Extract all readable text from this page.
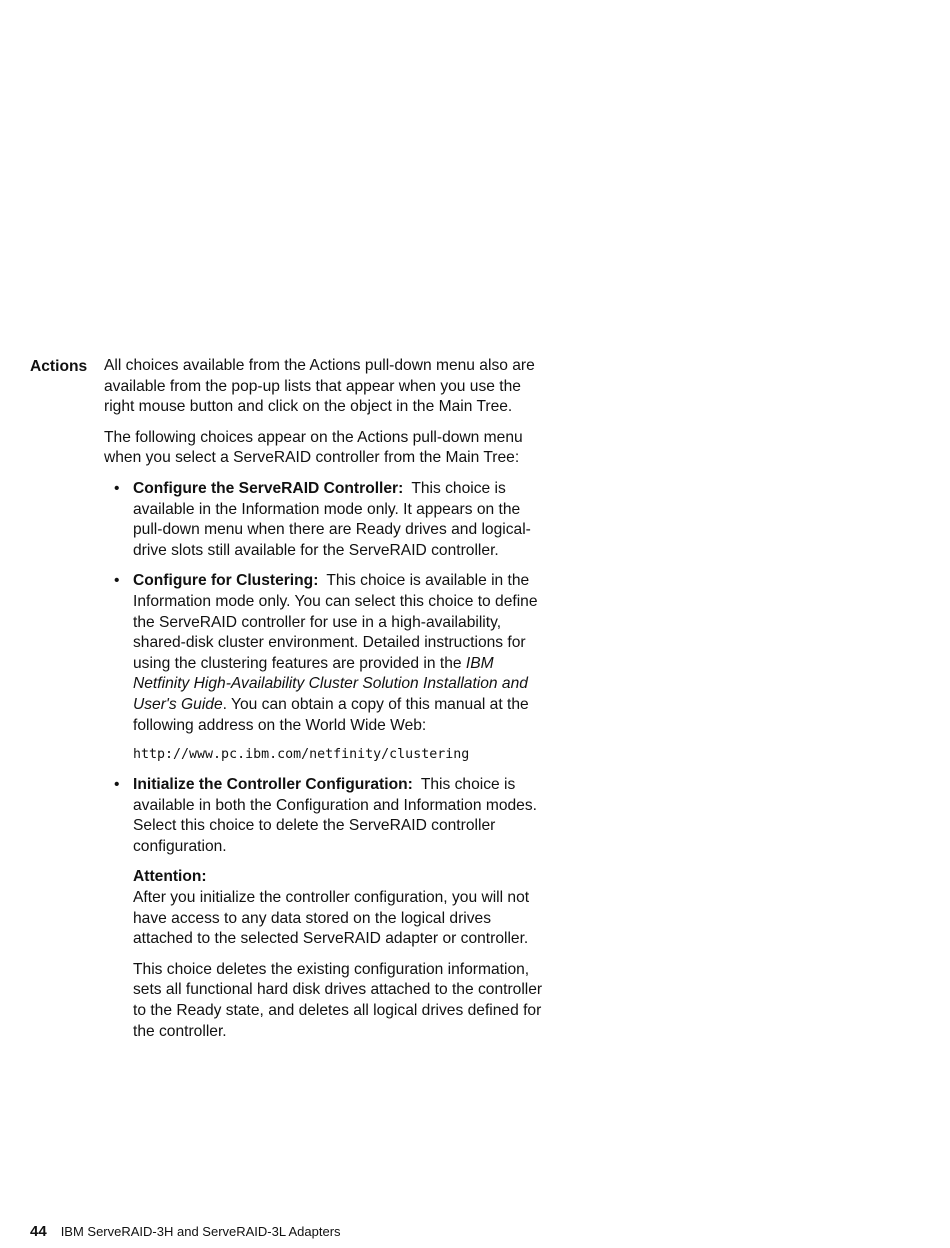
Actions All choices available from the Actions pull-down menu also are available from the pop-up lists that appear when you use the right mouse button and click on the object in the Main Tree.

The following choices appear on the Actions pull-down menu when you select a ServeRAID controller from the Main Tree:

• Configure the ServeRAID Controller: This choice is available in the Information mode only. It appears on the pull-down menu when there are Ready drives and logical-drive slots still available for the ServeRAID controller.

• Configure for Clustering: This choice is available in the Information mode only. You can select this choice to define the ServeRAID controller for use in a high-availability, shared-disk cluster environment. Detailed instructions for using the clustering features are provided in the IBM Netfinity High-Availability Cluster Solution Installation and User's Guide. You can obtain a copy of this manual at the following address on the World Wide Web:

http://www.pc.ibm.com/netfinity/clustering
• Initialize the Controller Configuration: This choice is available in both the Configuration and Information modes. Select this choice to delete the ServeRAID controller configuration.

Attention:

After you initialize the controller configuration, you will not have access to any data stored on the logical drives attached to the selected ServeRAID adapter or controller.

This choice deletes the existing configuration information, sets all functional hard disk drives attached to the controller to the Ready state, and deletes all logical drives defined for the controller.

44 IBM ServeRAID-3H and ServeRAID-3L Adapters
